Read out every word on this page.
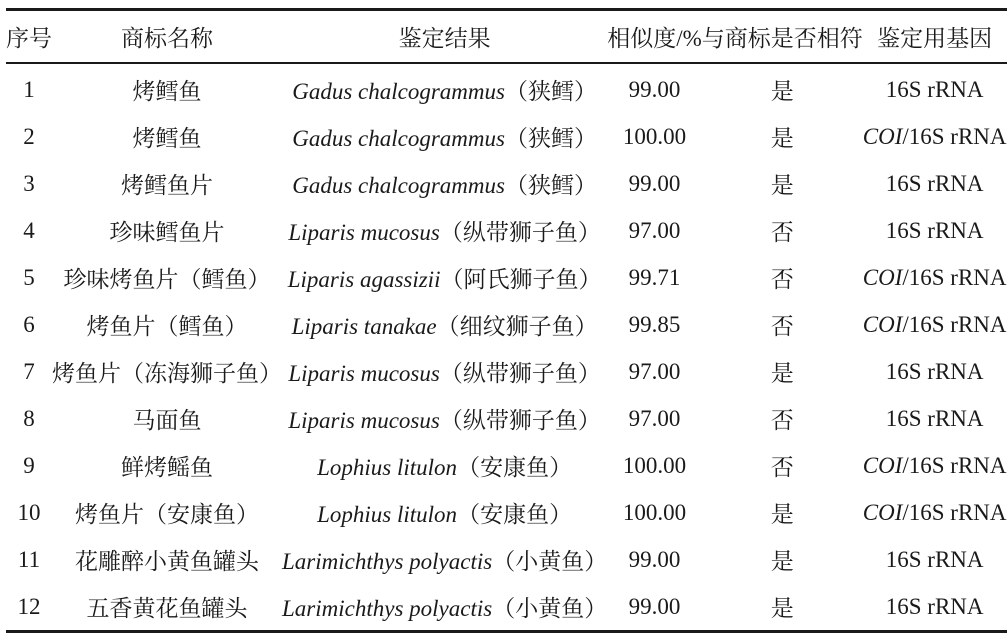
序号	商标名称	鉴定结果	相似度/%	与商标是否相符	鉴定用基因
1	烤鳕鱼	Gadus chalcogrammus（狭鳕）	99.00	是	16S rRNA
2	烤鳕鱼	Gadus chalcogrammus（狭鳕）	100.00	是	COI/16S rRNA
3	烤鳕鱼片	Gadus chalcogrammus（狭鳕）	99.00	是	16S rRNA
4	珍味鳕鱼片	Liparis mucosus（纵带狮子鱼）	97.00	否	16S rRNA
5	珍味烤鱼片（鳕鱼）	Liparis agassizii（阿氏狮子鱼）	99.71	否	COI/16S rRNA
6	烤鱼片（鳕鱼）	Liparis tanakae（细纹狮子鱼）	99.85	否	COI/16S rRNA
7	烤鱼片（冻海狮子鱼）	Liparis mucosus（纵带狮子鱼）	97.00	是	16S rRNA
8	马面鱼	Liparis mucosus（纵带狮子鱼）	97.00	否	16S rRNA
9	鲜烤鳐鱼	Lophius litulon（安康鱼）	100.00	否	COI/16S rRNA
10	烤鱼片（安康鱼）	Lophius litulon（安康鱼）	100.00	是	COI/16S rRNA
11	花雕醉小黄鱼罐头	Larimichthys polyactis（小黄鱼）	99.00	是	16S rRNA
12	五香黄花鱼罐头	Larimichthys polyactis（小黄鱼）	99.00	是	16S rRNA
